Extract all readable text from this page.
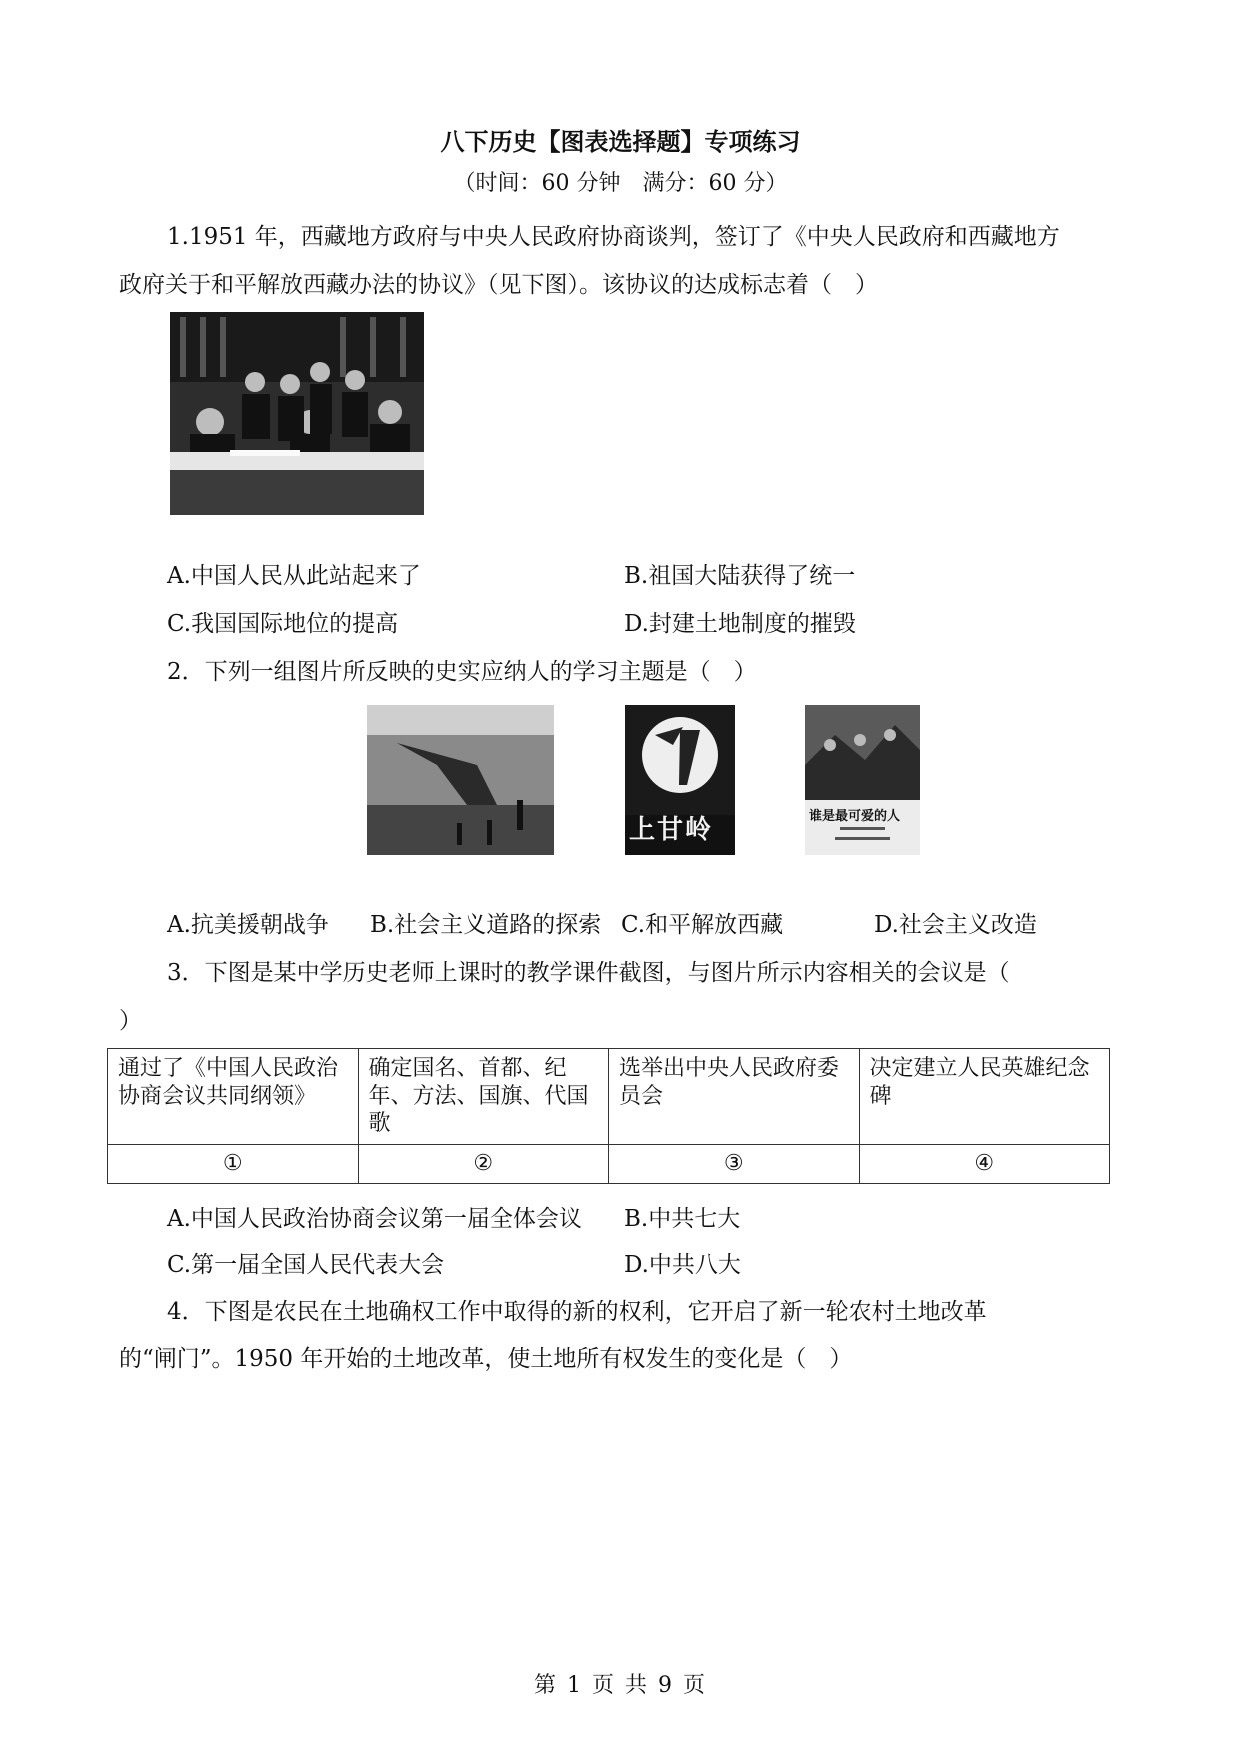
八下历史【图表选择题】专项练习
（时间：60 分钟　满分：60 分）
1.1951 年，西藏地方政府与中央人民政府协商谈判，签订了《中央人民政府和西藏地方
政府关于和平解放西藏办法的协议》（见下图）。该协议的达成标志着（　）
A.中国人民从此站起来了	B.祖国大陆获得了统一
C.我国国际地位的提高	D.封建土地制度的摧毁
2．下列一组图片所反映的史实应纳人的学习主题是（　）
上甘岭	谁是最可爱的人
A.抗美援朝战争 B.社会主义道路的探索 C.和平解放西藏	D.社会主义改造
3．下图是某中学历史老师上课时的教学课件截图，与图片所示内容相关的会议是（
）
通过了《中国人民政治协商会议共同纲领》	确定国名、首都、纪年、方法、国旗、代国歌	选举出中央人民政府委员会	决定建立人民英雄纪念碑
①	②	③	④
A.中国人民政治协商会议第一届全体会议 B.中共七大
C.第一届全国人民代表大会	D.中共八大
4．下图是农民在土地确权工作中取得的新的权利，它开启了新一轮农村土地改革
的“闸门”。1950 年开始的土地改革，使土地所有权发生的变化是（　）
第 1 页 共 9 页
